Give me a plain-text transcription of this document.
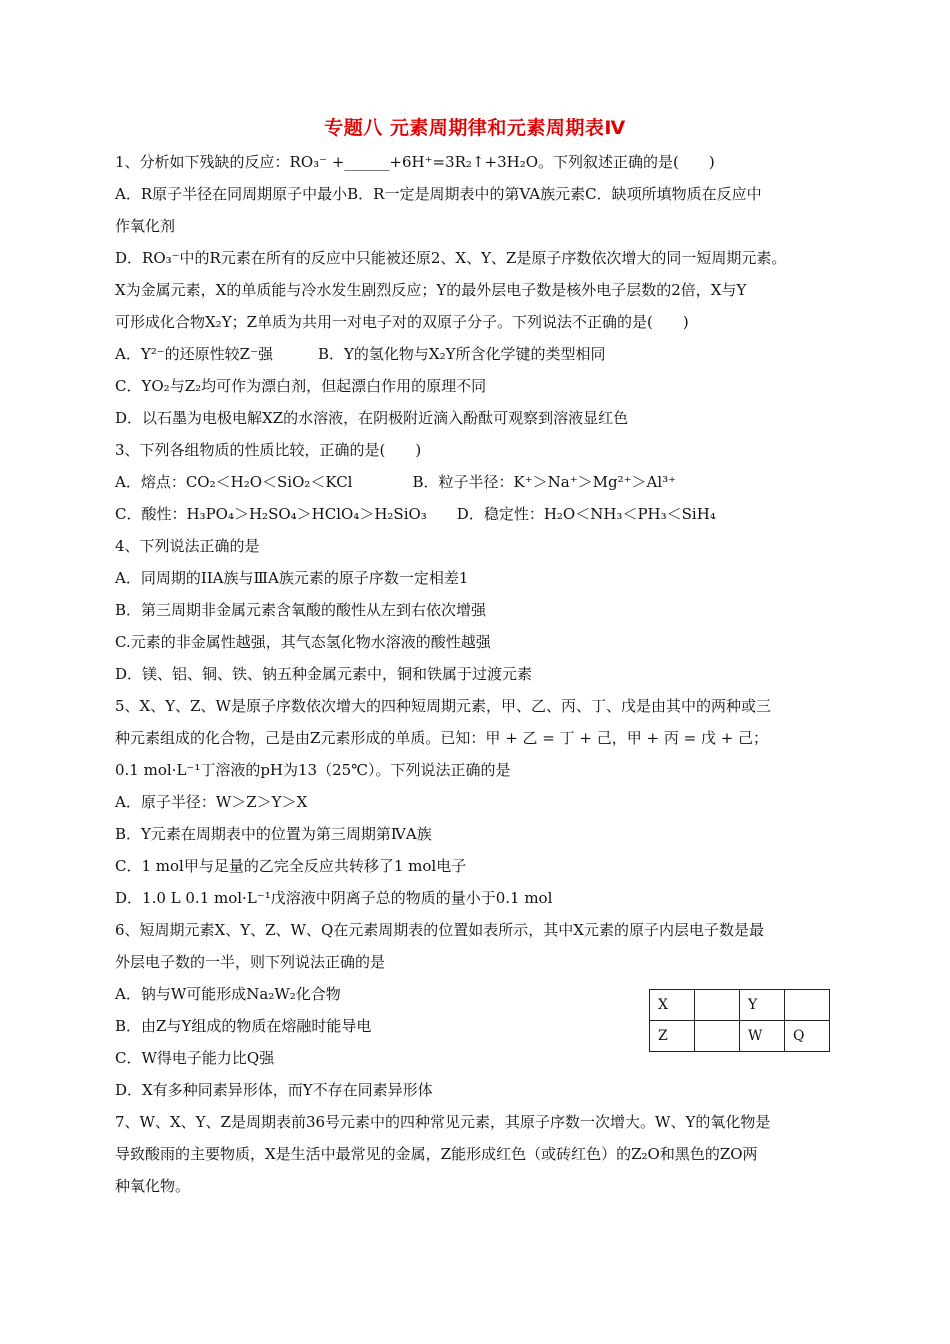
专题八 元素周期律和元素周期表Ⅳ
1、分析如下残缺的反应：RO₃⁻ +______+6H⁺=3R₂↑+3H₂O。下列叙述正确的是(　　)
A．R原子半径在同周期原子中最小B．R一定是周期表中的第VA族元素C．缺项所填物质在反应中
作氧化剂
D．RO₃⁻中的R元素在所有的反应中只能被还原2、X、Y、Z是原子序数依次增大的同一短周期元素。
X为金属元素，X的单质能与冷水发生剧烈反应；Y的最外层电子数是核外电子层数的2倍，X与Y
可形成化合物X₂Y；Z单质为共用一对电子对的双原子分子。下列说法不正确的是(　　)
A．Y²⁻的还原性较Z⁻强　　　B．Y的氢化物与X₂Y所含化学键的类型相同
C．YO₂与Z₂均可作为漂白剂，但起漂白作用的原理不同
D．以石墨为电极电解XZ的水溶液，在阴极附近滴入酚酞可观察到溶液显红色
3、下列各组物质的性质比较，正确的是(　　)
A．熔点：CO₂＜H₂O＜SiO₂＜KCl　　　　B．粒子半径：K⁺＞Na⁺＞Mg²⁺＞Al³⁺
C．酸性：H₃PO₄＞H₂SO₄＞HClO₄＞H₂SiO₃　　D．稳定性：H₂O＜NH₃＜PH₃＜SiH₄
4、下列说法正确的是
A．同周期的IIA族与ⅢA族元素的原子序数一定相差1
B．第三周期非金属元素含氧酸的酸性从左到右依次增强
C.元素的非金属性越强，其气态氢化物水溶液的酸性越强
D．镁、铝、铜、铁、钠五种金属元素中，铜和铁属于过渡元素
5、X、Y、Z、W是原子序数依次增大的四种短周期元素，甲、乙、丙、丁、戊是由其中的两种或三
种元素组成的化合物，己是由Z元素形成的单质。已知：甲 + 乙 = 丁 + 己，甲 + 丙 = 戊 + 己；
0.1 mol·L⁻¹丁溶液的pH为13（25℃）。下列说法正确的是
A．原子半径：W＞Z＞Y＞X
B．Y元素在周期表中的位置为第三周期第ⅣA族
C．1 mol甲与足量的乙完全反应共转移了1 mol电子
D．1.0 L 0.1 mol·L⁻¹戊溶液中阴离子总的物质的量小于0.1 mol
6、短周期元素X、Y、Z、W、Q在元素周期表的位置如表所示，其中X元素的原子内层电子数是最
外层电子数的一半，则下列说法正确的是
A．钠与W可能形成Na₂W₂化合物
B．由Z与Y组成的物质在熔融时能导电
C．W得电子能力比Q强
D．X有多种同素异形体，而Y不存在同素异形体
7、W、X、Y、Z是周期表前36号元素中的四种常见元素，其原子序数一次增大。W、Y的氧化物是
导致酸雨的主要物质，X是生活中最常见的金属，Z能形成红色（或砖红色）的Z₂O和黑色的ZO两
种氧化物。
X		Y	
Z		W	Q
